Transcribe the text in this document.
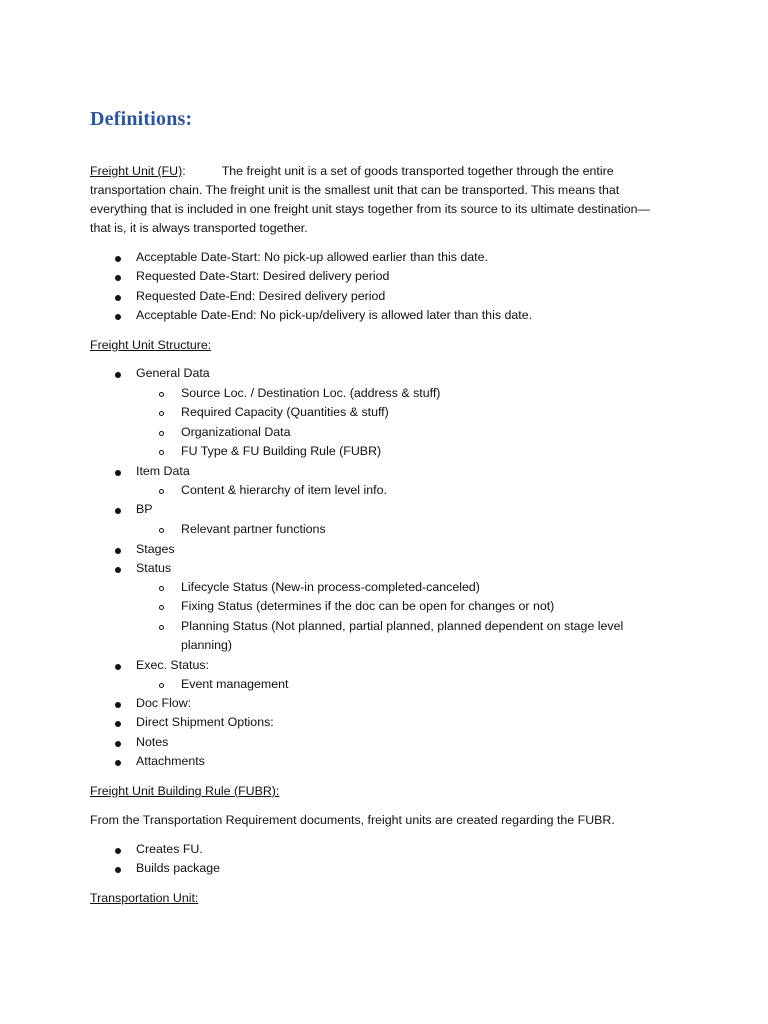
Definitions:
Freight Unit (FU):	The freight unit is a set of goods transported together through the entire
transportation chain. The freight unit is the smallest unit that can be transported. This means that
everything that is included in one freight unit stays together from its source to its ultimate destination—
that is, it is always transported together.
Acceptable Date-Start: No pick-up allowed earlier than this date.
Requested Date-Start: Desired delivery period
Requested Date-End: Desired delivery period
Acceptable Date-End: No pick-up/delivery is allowed later than this date.
Freight Unit Structure:
General Data
Source Loc. / Destination Loc. (address & stuff)
Required Capacity (Quantities & stuff)
Organizational Data
FU Type & FU Building Rule (FUBR)
Item Data
Content & hierarchy of item level info.
BP
Relevant partner functions
Stages
Status
Lifecycle Status (New-in process-completed-canceled)
Fixing Status (determines if the doc can be open for changes or not)
Planning Status (Not planned, partial planned, planned dependent on stage level
planning)
Exec. Status:
Event management
Doc Flow:
Direct Shipment Options:
Notes
Attachments
Freight Unit Building Rule (FUBR):
From the Transportation Requirement documents, freight units are created regarding the FUBR.
Creates FU.
Builds package
Transportation Unit:
